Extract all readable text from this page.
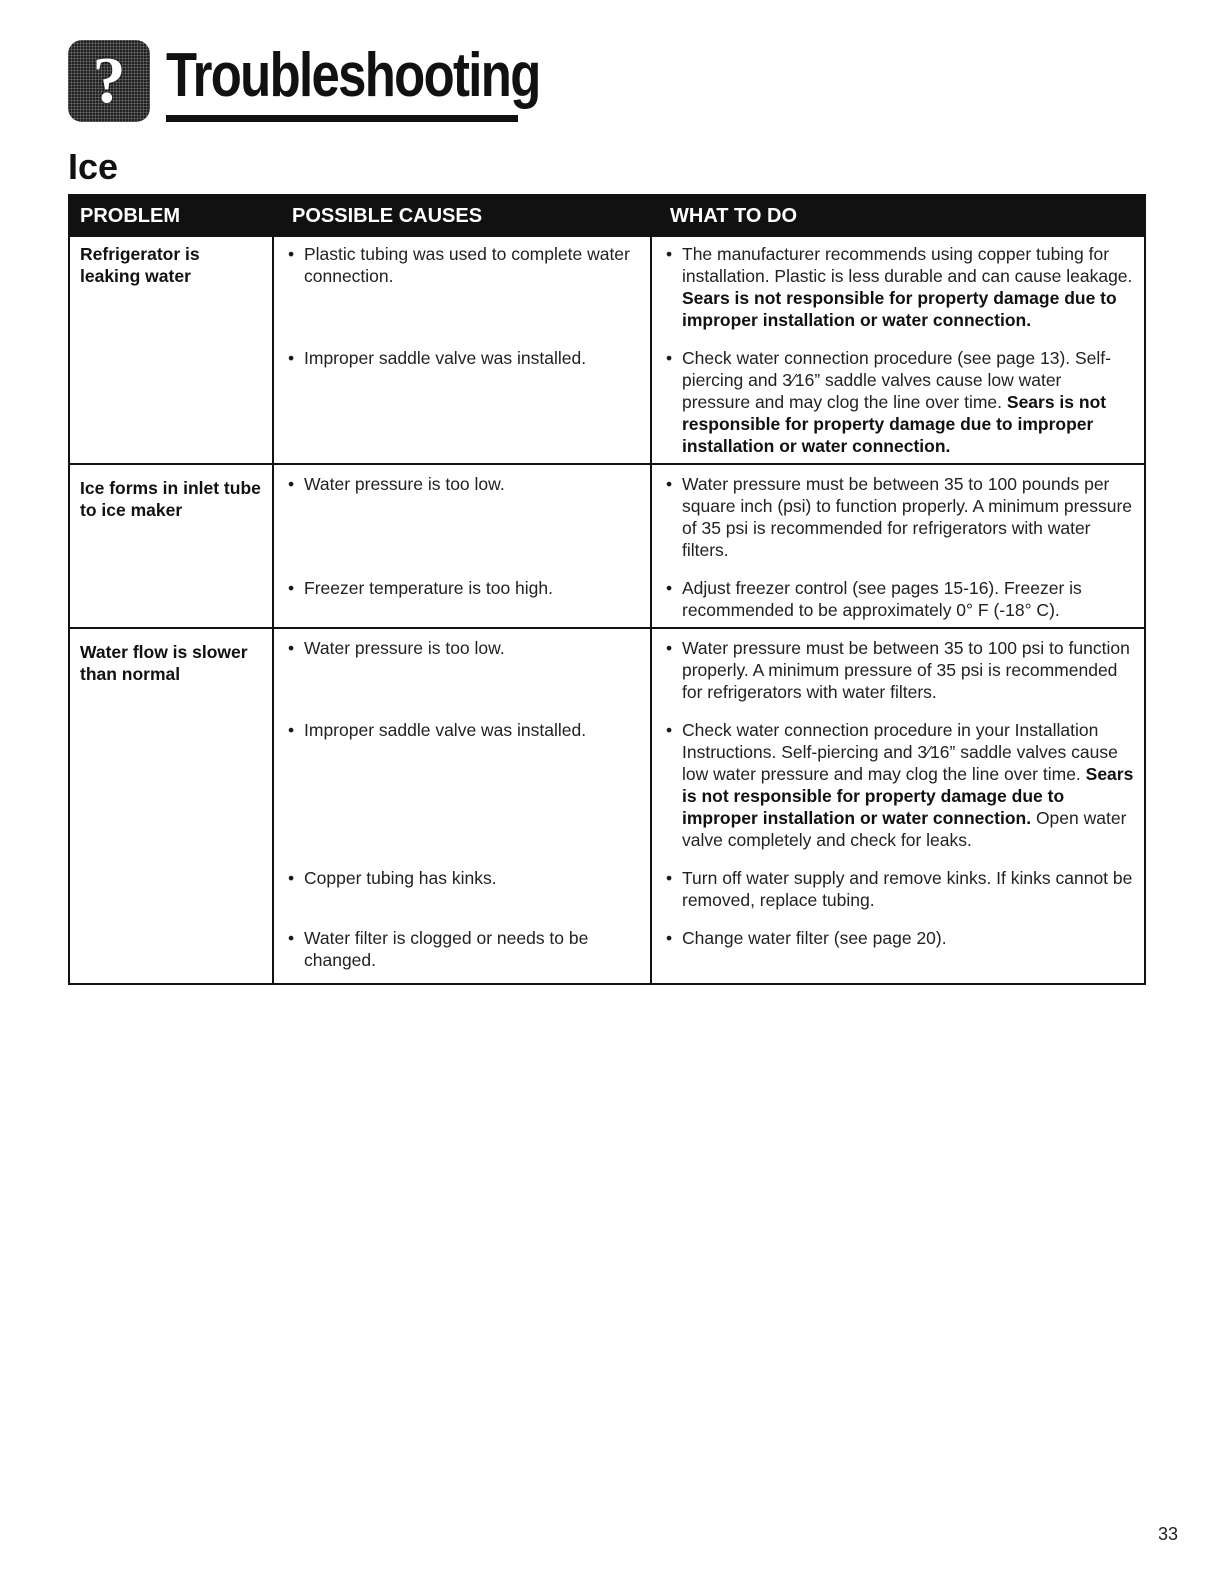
? Troubleshooting
Ice
PROBLEM	POSSIBLE CAUSES	WHAT TO DO

Refrigerator is leaking water	• Plastic tubing was used to complete water connection.	• The manufacturer recommends using copper tubing for installation. Plastic is less durable and can cause leakage. Sears is not responsible for property damage due to improper installation or water connection.

	• Improper saddle valve was installed.	• Check water connection procedure (see page 13). Self-piercing and 3⁄16” saddle valves cause low water pressure and may clog the line over time. Sears is not responsible for property damage due to improper installation or water connection.

Ice forms in inlet tube to ice maker	• Water pressure is too low.	• Water pressure must be between 35 to 100 pounds per square inch (psi) to function properly. A minimum pressure of 35 psi is recommended for refrigerators with water filters.

	• Freezer temperature is too high.	• Adjust freezer control (see pages 15-16). Freezer is recommended to be approximately 0° F (-18° C).

Water flow is slower than normal	• Water pressure is too low.	• Water pressure must be between 35 to 100 psi to function properly. A minimum pressure of 35 psi is recommended for refrigerators with water filters.

	• Improper saddle valve was installed.	• Check water connection procedure in your Installation Instructions. Self-piercing and 3⁄16” saddle valves cause low water pressure and may clog the line over time. Sears is not responsible for property damage due to improper installation or water connection. Open water valve completely and check for leaks.

	• Copper tubing has kinks.	• Turn off water supply and remove kinks. If kinks cannot be removed, replace tubing.

	• Water filter is clogged or needs to be changed.	• Change water filter (see page 20).
33
